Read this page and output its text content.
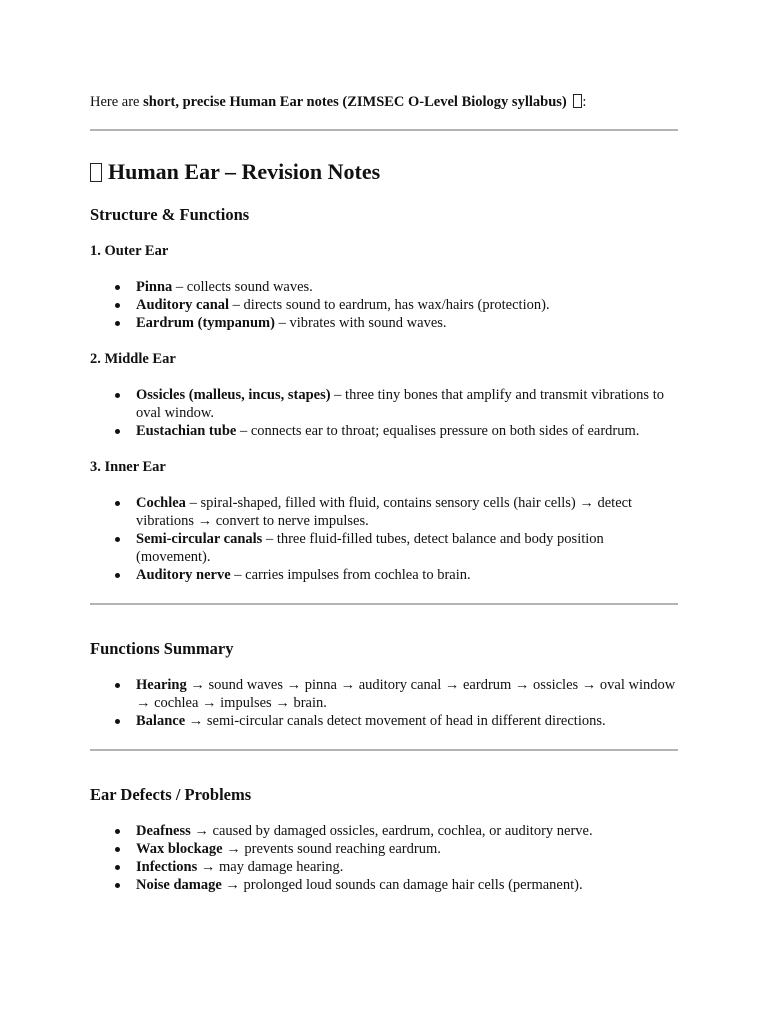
Here are short, precise Human Ear notes (ZIMSEC O-Level Biology syllabus) :

Human Ear – Revision Notes
Structure & Functions
1. Outer Ear
Pinna – collects sound waves.
Auditory canal – directs sound to eardrum, has wax/hairs (protection).
Eardrum (tympanum) – vibrates with sound waves.
2. Middle Ear
Ossicles (malleus, incus, stapes) – three tiny bones that amplify and transmit vibrations to oval window.
Eustachian tube – connects ear to throat; equalises pressure on both sides of eardrum.
3. Inner Ear
Cochlea – spiral-shaped, filled with fluid, contains sensory cells (hair cells) → detect vibrations → convert to nerve impulses.
Semi-circular canals – three fluid-filled tubes, detect balance and body position (movement).
Auditory nerve – carries impulses from cochlea to brain.
Functions Summary
Hearing → sound waves → pinna → auditory canal → eardrum → ossicles → oval window → cochlea → impulses → brain.
Balance → semi-circular canals detect movement of head in different directions.
Ear Defects / Problems
Deafness → caused by damaged ossicles, eardrum, cochlea, or auditory nerve.
Wax blockage → prevents sound reaching eardrum.
Infections → may damage hearing.
Noise damage → prolonged loud sounds can damage hair cells (permanent).
